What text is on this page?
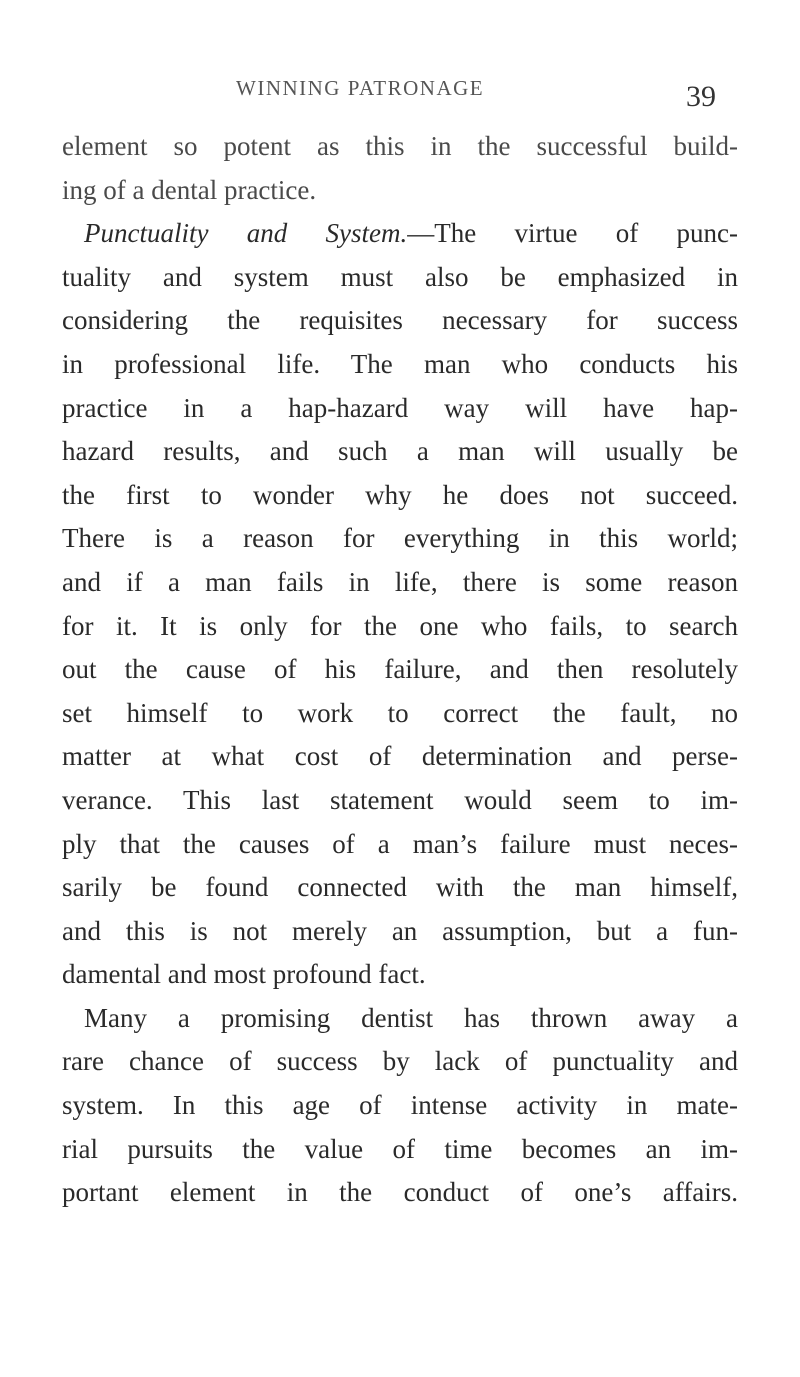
WINNING PATRONAGE	39
element so potent as this in the successful build-
ing of a dental practice.
Punctuality and System.—The virtue of punc-
tuality and system must also be emphasized in
considering the requisites necessary for success
in professional life. The man who conducts his
practice in a hap-hazard way will have hap-
hazard results, and such a man will usually be
the first to wonder why he does not succeed.
There is a reason for everything in this world;
and if a man fails in life, there is some reason
for it. It is only for the one who fails, to search
out the cause of his failure, and then resolutely
set himself to work to correct the fault, no
matter at what cost of determination and perse-
verance. This last statement would seem to im-
ply that the causes of a man’s failure must neces-
sarily be found connected with the man himself,
and this is not merely an assumption, but a fun-
damental and most profound fact.
Many a promising dentist has thrown away a
rare chance of success by lack of punctuality and
system. In this age of intense activity in mate-
rial pursuits the value of time becomes an im-
portant element in the conduct of one’s affairs.
